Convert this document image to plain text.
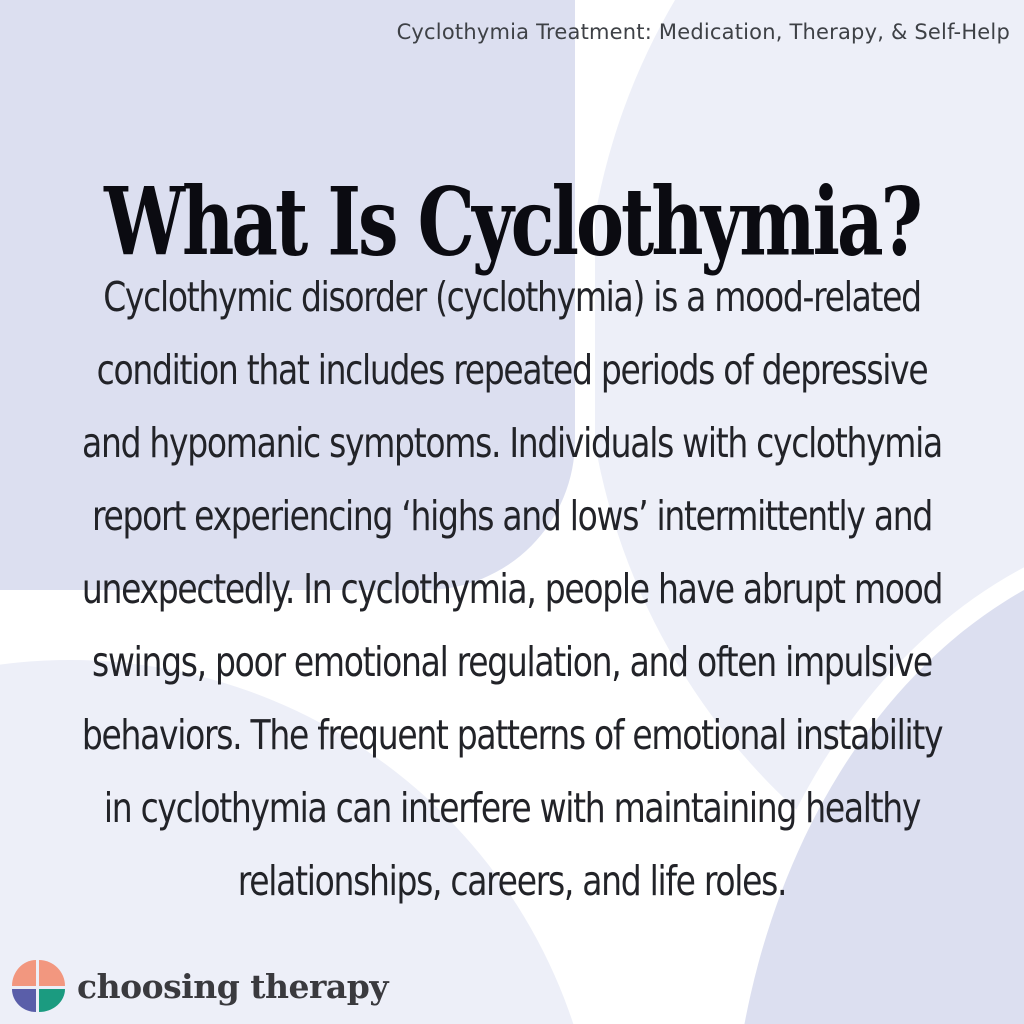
Cyclothymia Treatment: Medication, Therapy, & Self-Help
What Is Cyclothymia?
Cyclothymic disorder (cyclothymia) is a mood-related
condition that includes repeated periods of depressive
and hypomanic symptoms. Individuals with cyclothymia
report experiencing ‘highs and lows’ intermittently and
unexpectedly. In cyclothymia, people have abrupt mood
swings, poor emotional regulation, and often impulsive
behaviors. The frequent patterns of emotional instability
in cyclothymia can interfere with maintaining healthy
relationships, careers, and life roles.
choosing therapy
